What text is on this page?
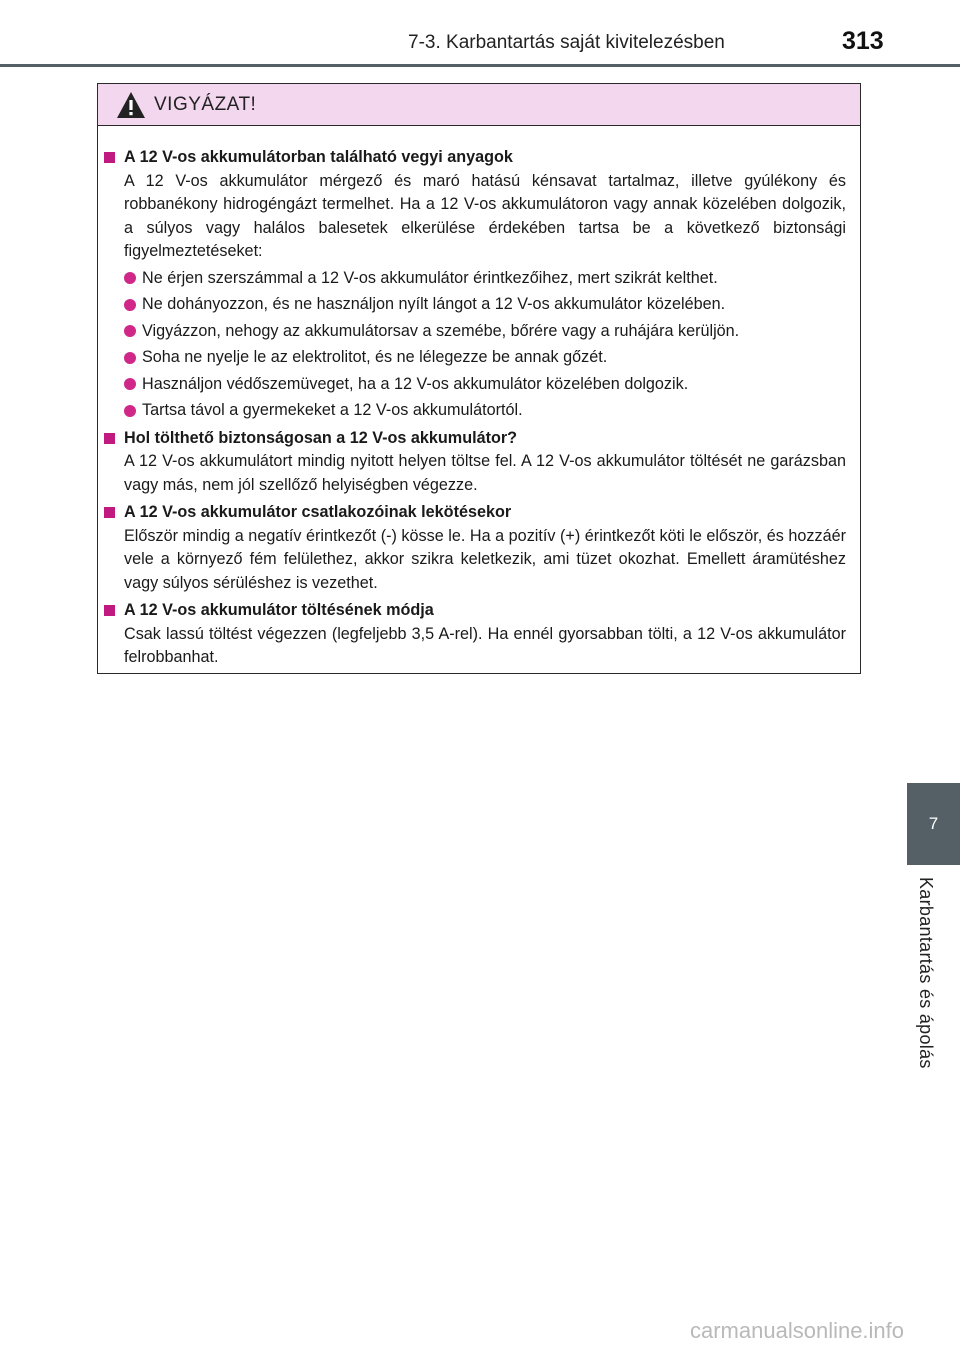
7-3. Karbantartás saját kivitelezésben	313
VIGYÁZAT!
A 12 V-os akkumulátorban található vegyi anyagok
A 12 V-os akkumulátor mérgező és maró hatású kénsavat tartalmaz, illetve gyúlékony és robbanékony hidrogéngázt termelhet. Ha a 12 V-os akkumulátoron vagy annak közelében dolgozik, a súlyos vagy halálos balesetek elkerülése érdekében tartsa be a következő biztonsági figyelmeztetéseket:
Ne érjen szerszámmal a 12 V-os akkumulátor érintkezőihez, mert szikrát kelthet.
Ne dohányozzon, és ne használjon nyílt lángot a 12 V-os akkumulátor közelében.
Vigyázzon, nehogy az akkumulátorsav a szemébe, bőrére vagy a ruhájára kerüljön.
Soha ne nyelje le az elektrolitot, és ne lélegezze be annak gőzét.
Használjon védőszemüveget, ha a 12 V-os akkumulátor közelében dolgozik.
Tartsa távol a gyermekeket a 12 V-os akkumulátortól.
Hol tölthető biztonságosan a 12 V-os akkumulátor?
A 12 V-os akkumulátort mindig nyitott helyen töltse fel. A 12 V-os akkumulátor töltését ne garázsban vagy más, nem jól szellőző helyiségben végezze.
A 12 V-os akkumulátor csatlakozóinak lekötésekor
Először mindig a negatív érintkezőt (-) kösse le. Ha a pozitív (+) érintkezőt köti le először, és hozzáér vele a környező fém felülethez, akkor szikra keletkezik, ami tüzet okozhat. Emellett áramütéshez vagy súlyos sérüléshez is vezethet.
A 12 V-os akkumulátor töltésének módja
Csak lassú töltést végezzen (legfeljebb 3,5 A-rel). Ha ennél gyorsabban tölti, a 12 V-os akkumulátor felrobbanhat.
7
Karbantartás és ápolás
carmanualsonline.info
